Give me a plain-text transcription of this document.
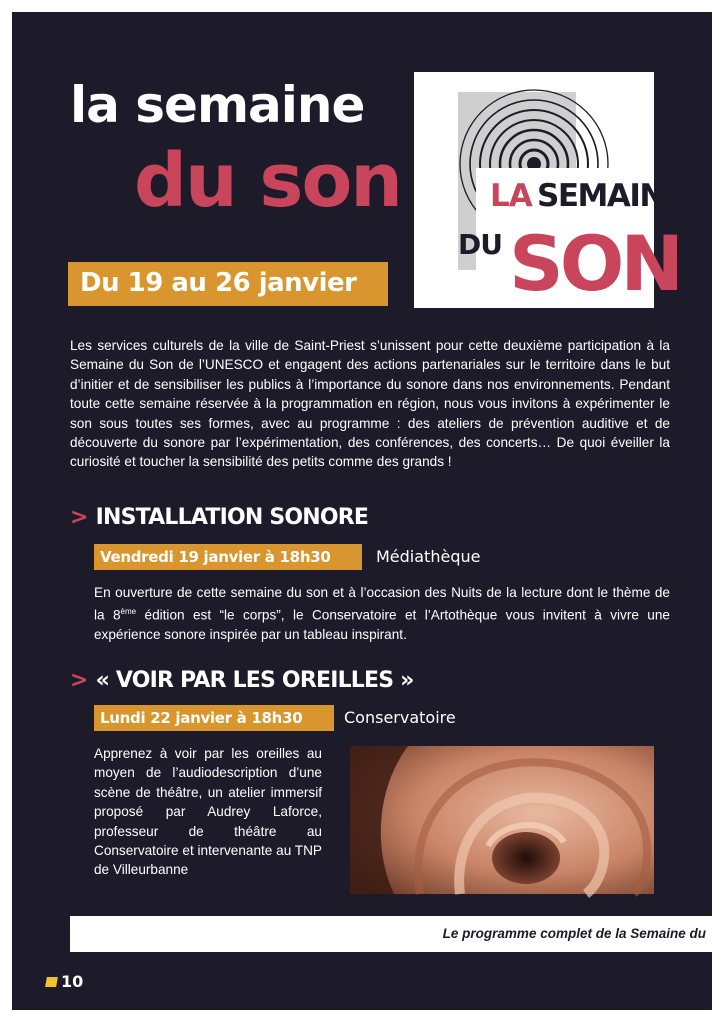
la semaine
du son
Du 19 au 26 janvier
LA SEMAINE
DU SON

Les services culturels de la ville de Saint-Priest s’unissent pour cette deuxième participation à la Semaine du Son de l’UNESCO et engagent des actions partenariales sur le territoire dans le but d’initier et de sensibiliser les publics à l’importance du sonore dans nos environnements. Pendant toute cette semaine réservée à la programmation en région, nous vous invitons à expérimenter le son sous toutes ses formes, avec au programme : des ateliers de prévention auditive et de découverte du sonore par l’expérimentation, des conférences, des concerts… De quoi éveiller la curiosité et toucher la sensibilité des petits comme des grands !

> INSTALLATION SONORE
Vendredi 19 janvier à 18h30	Médiathèque

En ouverture de cette semaine du son et à l’occasion des Nuits de la lecture dont le thème de la 8ème édition est “le corps”, le Conservatoire et l’Artothèque vous invitent à vivre une expérience sonore inspirée par un tableau inspirant.

> « VOIR PAR LES OREILLES »
Lundi 22 janvier à 18h30	Conservatoire

Apprenez à voir par les oreilles au moyen de l’audiodescription d’une scène de théâtre, un atelier immersif proposé par Audrey Laforce, professeur de théâtre au Conservatoire et intervenante au TNP de Villeurbanne

Le programme complet de la Semaine du
10
